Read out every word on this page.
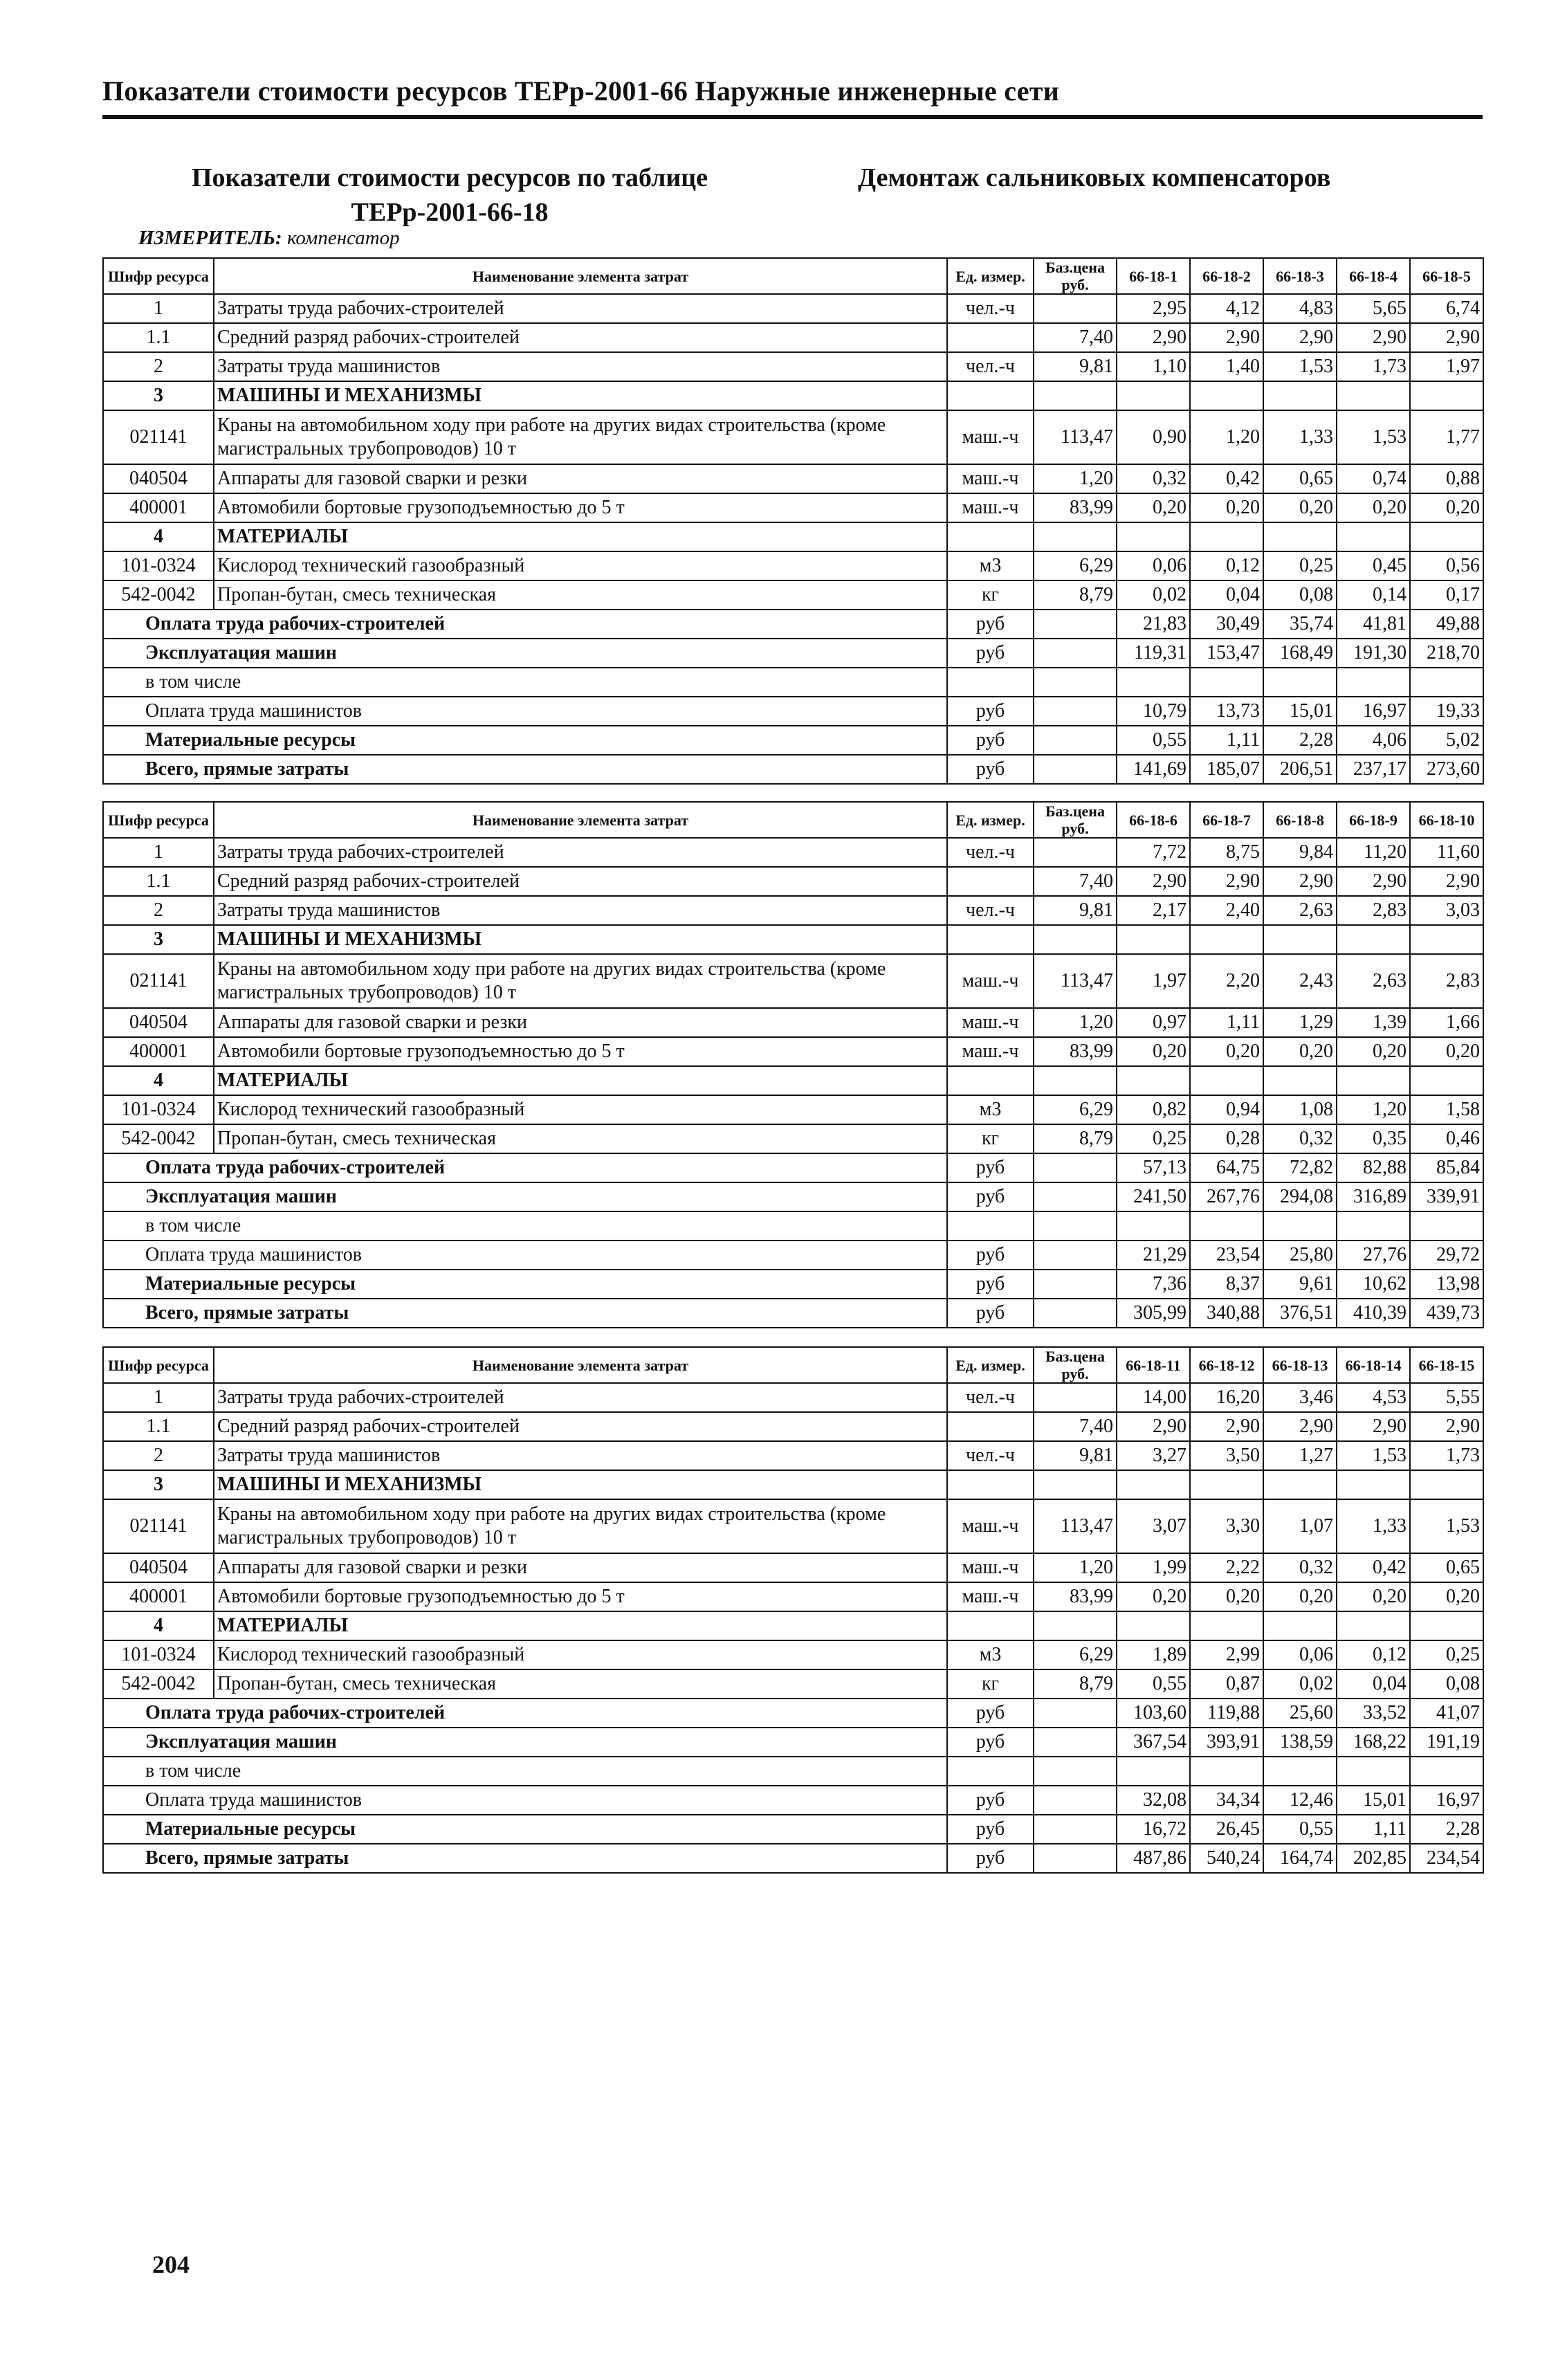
Показатели стоимости ресурсов ТЕРр-2001-66 Наружные инженерные сети
Показатели стоимости ресурсов по таблице ТЕРр-2001-66-18
Демонтаж сальниковых компенсаторов
ИЗМЕРИТЕЛЬ: компенсатор
Шифр ресурса	Наименование элемента затрат	Ед. измер.	Баз.цена руб.	66-18-1	66-18-2	66-18-3	66-18-4	66-18-5
1	Затраты труда рабочих-строителей	чел.-ч		2,95	4,12	4,83	5,65	6,74
1.1	Средний разряд рабочих-строителей		7,40	2,90	2,90	2,90	2,90	2,90
2	Затраты труда машинистов	чел.-ч	9,81	1,10	1,40	1,53	1,73	1,97
3	МАШИНЫ И МЕХАНИЗМЫ							
021141	Краны на автомобильном ходу при работе на других видах строительства (кроме магистральных трубопроводов) 10 т	маш.-ч	113,47	0,90	1,20	1,33	1,53	1,77
040504	Аппараты для газовой сварки и резки	маш.-ч	1,20	0,32	0,42	0,65	0,74	0,88
400001	Автомобили бортовые грузоподъемностью до 5 т	маш.-ч	83,99	0,20	0,20	0,20	0,20	0,20
4	МАТЕРИАЛЫ							
101-0324	Кислород технический газообразный	м3	6,29	0,06	0,12	0,25	0,45	0,56
542-0042	Пропан-бутан, смесь техническая	кг	8,79	0,02	0,04	0,08	0,14	0,17
Оплата труда рабочих-строителей		руб		21,83	30,49	35,74	41,81	49,88
Эксплуатация машин		руб		119,31	153,47	168,49	191,30	218,70
в том числе								
Оплата труда машинистов		руб		10,79	13,73	15,01	16,97	19,33
Материальные ресурсы		руб		0,55	1,11	2,28	4,06	5,02
Всего, прямые затраты		руб		141,69	185,07	206,51	237,17	273,60
Шифр ресурса	Наименование элемента затрат	Ед. измер.	Баз.цена руб.	66-18-6	66-18-7	66-18-8	66-18-9	66-18-10
1	Затраты труда рабочих-строителей	чел.-ч		7,72	8,75	9,84	11,20	11,60
1.1	Средний разряд рабочих-строителей		7,40	2,90	2,90	2,90	2,90	2,90
2	Затраты труда машинистов	чел.-ч	9,81	2,17	2,40	2,63	2,83	3,03
3	МАШИНЫ И МЕХАНИЗМЫ							
021141	Краны на автомобильном ходу при работе на других видах строительства (кроме магистральных трубопроводов) 10 т	маш.-ч	113,47	1,97	2,20	2,43	2,63	2,83
040504	Аппараты для газовой сварки и резки	маш.-ч	1,20	0,97	1,11	1,29	1,39	1,66
400001	Автомобили бортовые грузоподъемностью до 5 т	маш.-ч	83,99	0,20	0,20	0,20	0,20	0,20
4	МАТЕРИАЛЫ							
101-0324	Кислород технический газообразный	м3	6,29	0,82	0,94	1,08	1,20	1,58
542-0042	Пропан-бутан, смесь техническая	кг	8,79	0,25	0,28	0,32	0,35	0,46
Оплата труда рабочих-строителей		руб		57,13	64,75	72,82	82,88	85,84
Эксплуатация машин		руб		241,50	267,76	294,08	316,89	339,91
в том числе								
Оплата труда машинистов		руб		21,29	23,54	25,80	27,76	29,72
Материальные ресурсы		руб		7,36	8,37	9,61	10,62	13,98
Всего, прямые затраты		руб		305,99	340,88	376,51	410,39	439,73
Шифр ресурса	Наименование элемента затрат	Ед. измер.	Баз.цена руб.	66-18-11	66-18-12	66-18-13	66-18-14	66-18-15
1	Затраты труда рабочих-строителей	чел.-ч		14,00	16,20	3,46	4,53	5,55
1.1	Средний разряд рабочих-строителей		7,40	2,90	2,90	2,90	2,90	2,90
2	Затраты труда машинистов	чел.-ч	9,81	3,27	3,50	1,27	1,53	1,73
3	МАШИНЫ И МЕХАНИЗМЫ							
021141	Краны на автомобильном ходу при работе на других видах строительства (кроме магистральных трубопроводов) 10 т	маш.-ч	113,47	3,07	3,30	1,07	1,33	1,53
040504	Аппараты для газовой сварки и резки	маш.-ч	1,20	1,99	2,22	0,32	0,42	0,65
400001	Автомобили бортовые грузоподъемностью до 5 т	маш.-ч	83,99	0,20	0,20	0,20	0,20	0,20
4	МАТЕРИАЛЫ							
101-0324	Кислород технический газообразный	м3	6,29	1,89	2,99	0,06	0,12	0,25
542-0042	Пропан-бутан, смесь техническая	кг	8,79	0,55	0,87	0,02	0,04	0,08
Оплата труда рабочих-строителей		руб		103,60	119,88	25,60	33,52	41,07
Эксплуатация машин		руб		367,54	393,91	138,59	168,22	191,19
в том числе								
Оплата труда машинистов		руб		32,08	34,34	12,46	15,01	16,97
Материальные ресурсы		руб		16,72	26,45	0,55	1,11	2,28
Всего, прямые затраты		руб		487,86	540,24	164,74	202,85	234,54
204
